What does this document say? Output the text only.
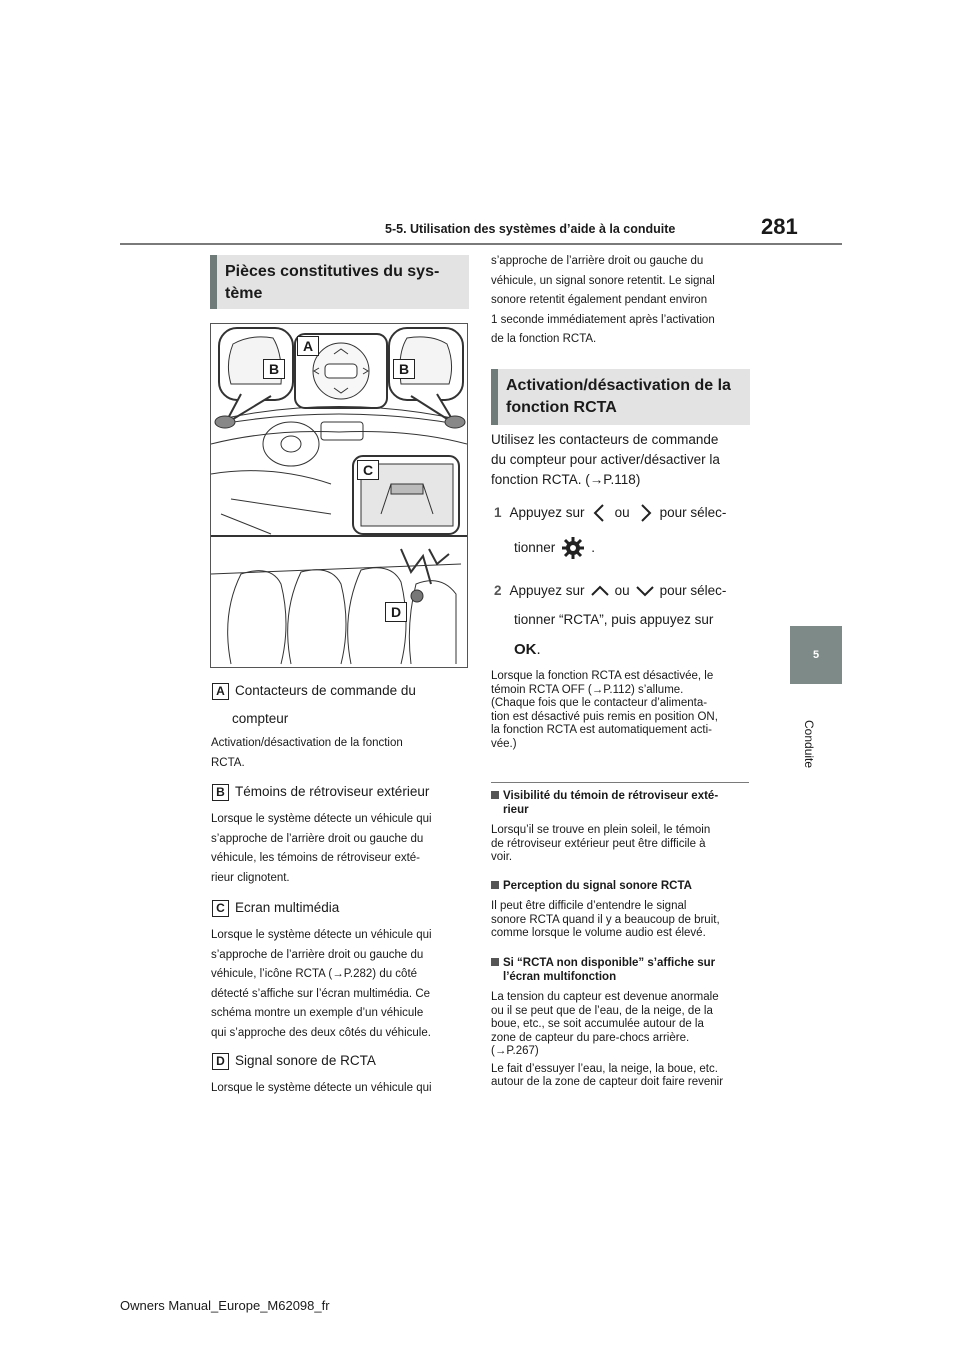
5-5. Utilisation des systèmes d’aide à la conduite	281
5
Conduite
Pièces constitutives du sys-tème
A
B	B
C
D
A Contacteurs de commande du
compteur
Activation/désactivation de la fonction
RCTA.
B Témoins de rétroviseur extérieur
Lorsque le système détecte un véhicule qui
s’approche de l’arrière droit ou gauche du
véhicule, les témoins de rétroviseur exté-
rieur clignotent.
C Ecran multimédia
Lorsque le système détecte un véhicule qui
s’approche de l’arrière droit ou gauche du
véhicule, l’icône RCTA (→P.282) du côté
détecté s’affiche sur l’écran multimédia. Ce
schéma montre un exemple d’un véhicule
qui s’approche des deux côtés du véhicule.
D Signal sonore de RCTA
Lorsque le système détecte un véhicule qui
s’approche de l’arrière droit ou gauche du
véhicule, un signal sonore retentit. Le signal
sonore retentit également pendant environ
1 seconde immédiatement après l’activation
de la fonction RCTA.
Activation/désactivation de la
fonction RCTA
Utilisez les contacteurs de commande
du compteur pour activer/désactiver la
fonction RCTA. (→P.118)
1 Appuyez sur ou pour sélec-
tionner	.
2 Appuyez sur ou pour sélec-
tionner “RCTA”, puis appuyez sur
OK.
Lorsque la fonction RCTA est désactivée, le
témoin RCTA OFF (→P.112) s’allume.
(Chaque fois que le contacteur d’alimenta-
tion est désactivé puis remis en position ON,
la fonction RCTA est automatiquement acti-
vée.)
Visibilité du témoin de rétroviseur exté-
rieur
Lorsqu’il se trouve en plein soleil, le témoin
de rétroviseur extérieur peut être difficile à
voir.
Perception du signal sonore RCTA
Il peut être difficile d’entendre le signal
sonore RCTA quand il y a beaucoup de bruit,
comme lorsque le volume audio est élevé.
Si “RCTA non disponible” s’affiche sur
l’écran multifonction
La tension du capteur est devenue anormale
ou il se peut que de l’eau, de la neige, de la
boue, etc., se soit accumulée autour de la
zone de capteur du pare-chocs arrière.
(→P.267)
Le fait d’essuyer l’eau, la neige, la boue, etc.
autour de la zone de capteur doit faire revenir
Owners Manual_Europe_M62098_fr
